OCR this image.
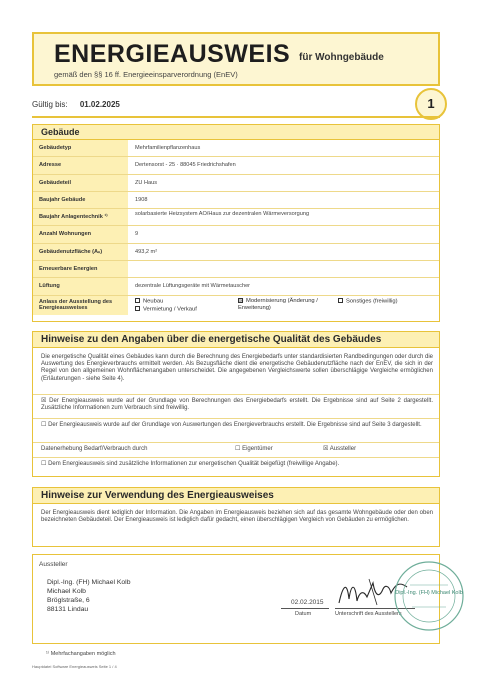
ENERGIEAUSWEIS für Wohngebäude
gemäß den §§ 16 ff. Energieeinsparverordnung (EnEV)
Gültig bis: 01.02.2025	1
Gebäude
Gebäudetyp	Mehrfamilienpflanzenhaus
Adresse	Dertensorst - 25 · 88045 Friedrichshafen
Gebäudeteil	ZU Haus
Baujahr Gebäude	1908
Baujahr Anlagentechnik ¹⁾	solarbasierte Heizsystem AO/Haus zur dezentralen Wärmeversorgung
Anzahl Wohnungen	9
Gebäudenutzfläche (Aₙ)	493,2 m²
Erneuerbare Energien
Lüftung	dezentrale Lüftungsgeräte mit Wärmetauscher
Anlass der Ausstellung des Energieausweises
Neubau
Vermietung / Verkauf
☒ Modernisierung (Änderung / Erweiterung)
Sonstiges (freiwillig)
Hinweise zu den Angaben über die energetische Qualität des Gebäudes
Die energetische Qualität eines Gebäudes kann durch die Berechnung des Energiebedarfs unter standardisierten Randbedingungen oder durch die Auswertung des Energieverbrauchs ermittelt werden. Als Bezugsfläche dient die energetische Gebäudenutzfläche nach der EnEV, die sich in der Regel von den allgemeinen Wohnflächenangaben unterscheidet. Die angegebenen Vergleichswerte sollen überschlägige Vergleiche ermöglichen (Erläuterungen - siehe Seite 4).
☒ Der Energieausweis wurde auf der Grundlage von Berechnungen des Energiebedarfs erstellt. Die Ergebnisse sind auf Seite 2 dargestellt. Zusätzliche Informationen zum Verbrauch sind freiwillig.
☐ Der Energieausweis wurde auf der Grundlage von Auswertungen des Energieverbrauchs erstellt. Die Ergebnisse sind auf Seite 3 dargestellt.
Datenerhebung Bedarf/Verbrauch durch	☐ Eigentümer	☒ Aussteller
☐ Dem Energieausweis sind zusätzliche Informationen zur energetischen Qualität beigefügt (freiwillige Angabe).
Hinweise zur Verwendung des Energieausweises
Der Energieausweis dient lediglich der Information. Die Angaben im Energieausweis beziehen sich auf das gesamte Wohngebäude oder den oben bezeichneten Gebäudeteil. Der Energieausweis ist lediglich dafür gedacht, einen überschlägigen Vergleich von Gebäuden zu ermöglichen.
Aussteller
Dipl.-Ing. (FH) Michael Kolb
Michael Kolb
Bröglstraße, 6
88131 Lindau
02.02.2015
Datum	Unterschrift des Ausstellers
Dipl.-Ing. (FH) Michael Kolb
¹⁾ Mehrfachangaben möglich
Hauptdatei Software Energieausweis Seite 1 / 4
